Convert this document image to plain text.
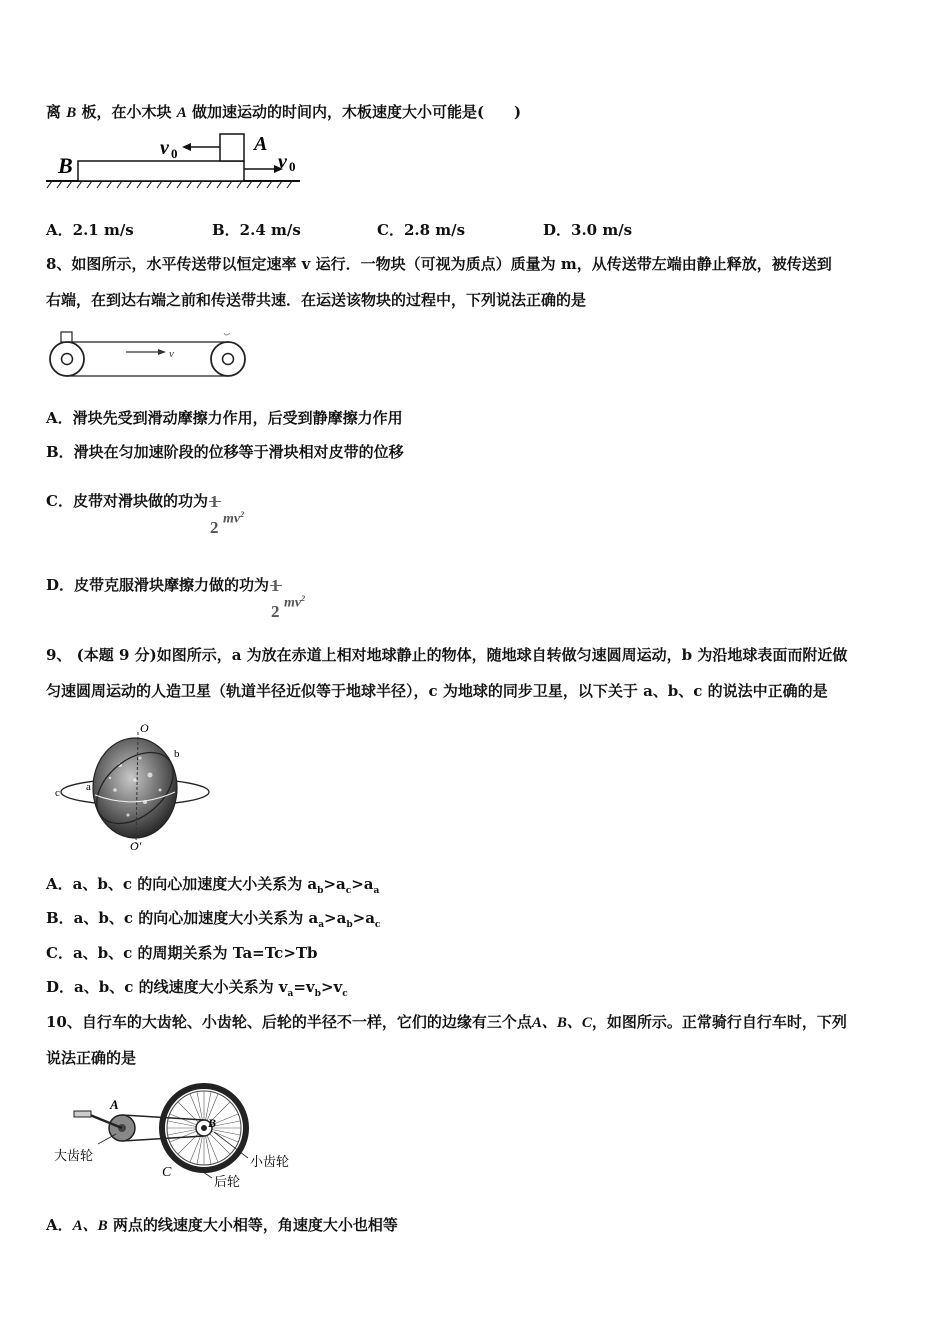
离 B 板，在小木块 A 做加速运动的时间内，木板速度大小可能是(　　)
B
A
v 0	v 0
A．2.1 m/s	B．2.4 m/s	C．2.8 m/s	D．3.0 m/s
8、如图所示，水平传送带以恒定速率 v 运行．一物块（可视为质点）质量为 m，从传送带左端由静止释放，被传送到
右端，在到达右端之前和传送带共速．在运送该物块的过程中，下列说法正确的是
v
A．滑块先受到滑动摩擦力作用，后受到静摩擦力作用
B．滑块在匀加速阶段的位移等于滑块相对皮带的位移
C．皮带对滑块做的功为 1
2 $mv^2$
D．皮带克服滑块摩擦力做的功为 1
2 $mv^2$
9、 (本题 9 分)如图所示，a 为放在赤道上相对地球静止的物体，随地球自转做匀速圆周运动，b 为沿地球表面而附近做
匀速圆周运动的人造卫星（轨道半径近似等于地球半径），c 为地球的同步卫星，以下关于 a、b、c 的说法中正确的是
O
b
c a
O′
A．a、b、c 的向心加速度大小关系为 $a_b>a_c>a_a$
B．a、b、c 的向心加速度大小关系为 $a_a>a_b>a_c$
C．a、b、c 的周期关系为 Ta=Tc>Tb
D．a、b、c 的线速度大小关系为 $v_a=v_b>v_c$
10、自行车的大齿轮、小齿轮、后轮的半径不一样，它们的边缘有三个点A、B、C，如图所示。正常骑行自行车时，下列
说法正确的是
A
B
C
大齿轮	小齿轮
后轮
A．A、B 两点的线速度大小相等，角速度大小也相等
